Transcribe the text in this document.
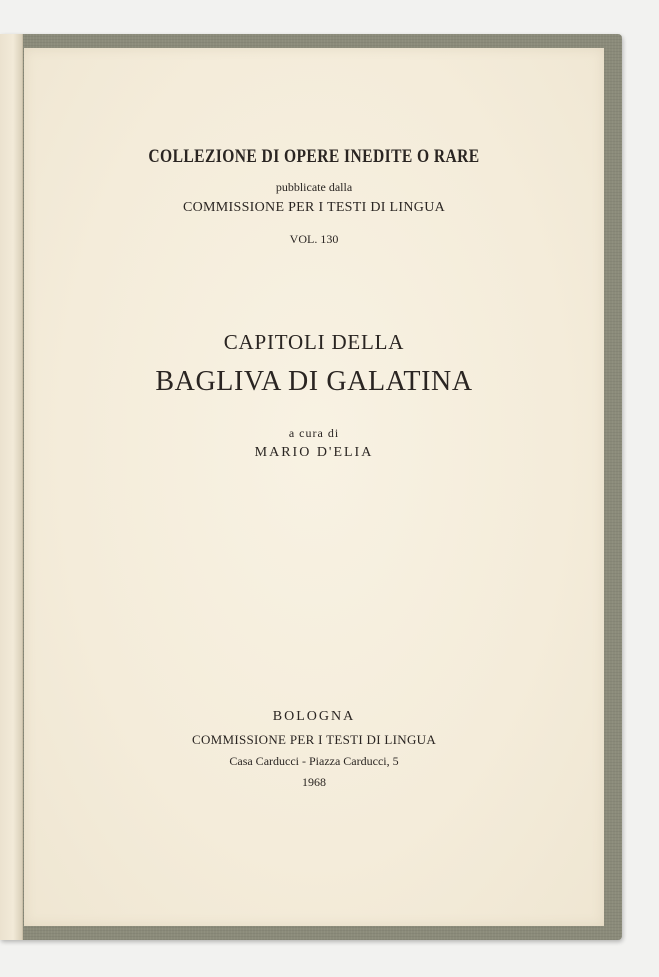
COLLEZIONE DI OPERE INEDITE O RARE
pubblicate dalla
COMMISSIONE PER I TESTI DI LINGUA
VOL. 130
CAPITOLI DELLA
BAGLIVA DI GALATINA
a cura di
MARIO D'ELIA
BOLOGNA
COMMISSIONE PER I TESTI DI LINGUA
Casa Carducci - Piazza Carducci, 5
1968
